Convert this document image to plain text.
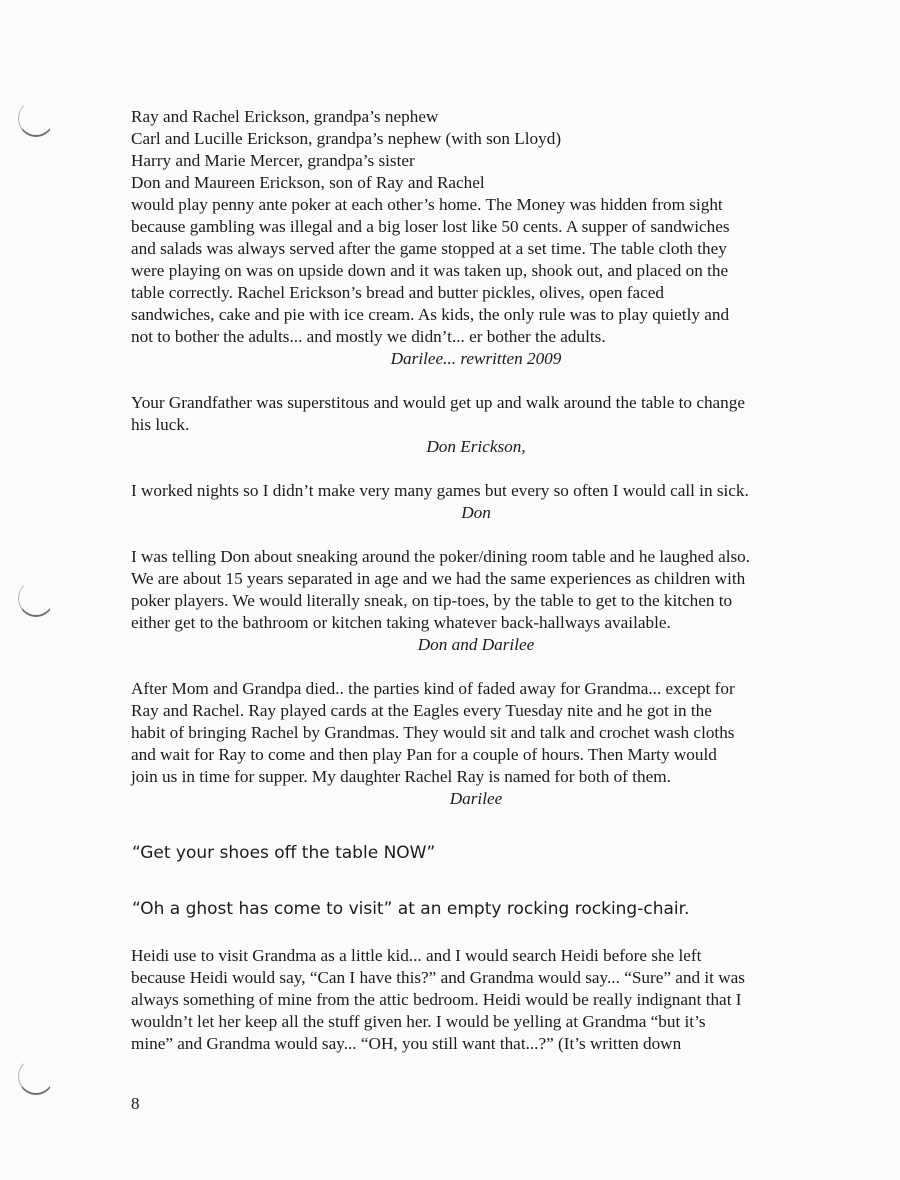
Ray and Rachel Erickson, grandpa’s nephew
Carl and Lucille Erickson, grandpa’s nephew (with son Lloyd)
Harry and Marie Mercer, grandpa’s sister
Don and Maureen Erickson, son of Ray and Rachel
would play penny ante poker at each other’s home. The Money was hidden from sight
because gambling was illegal and a big loser lost like 50 cents. A supper of sandwiches
and salads was always served after the game stopped at a set time. The table cloth they
were playing on was on upside down and it was taken up, shook out, and placed on the
table correctly. Rachel Erickson’s bread and butter pickles, olives, open faced
sandwiches, cake and pie with ice cream. As kids, the only rule was to play quietly and
not to bother the adults... and mostly we didn’t... er bother the adults.
Darilee... rewritten 2009
Your Grandfather was superstitous and would get up and walk around the table to change
his luck.
Don Erickson,
I worked nights so I didn’t make very many games but every so often I would call in sick.
Don
I was telling Don about sneaking around the poker/dining room table and he laughed also.
We are about 15 years separated in age and we had the same experiences as children with
poker players. We would literally sneak, on tip-toes, by the table to get to the kitchen to
either get to the bathroom or kitchen taking whatever back-hallways available.
Don and Darilee
After Mom and Grandpa died.. the parties kind of faded away for Grandma... except for
Ray and Rachel. Ray played cards at the Eagles every Tuesday nite and he got in the
habit of bringing Rachel by Grandmas. They would sit and talk and crochet wash cloths
and wait for Ray to come and then play Pan for a couple of hours. Then Marty would
join us in time for supper. My daughter Rachel Ray is named for both of them.
Darilee
“Get your shoes off the table NOW”
“Oh a ghost has come to visit” at an empty rocking rocking-chair.
Heidi use to visit Grandma as a little kid... and I would search Heidi before she left
because Heidi would say, “Can I have this?” and Grandma would say... “Sure” and it was
always something of mine from the attic bedroom. Heidi would be really indignant that I
wouldn’t let her keep all the stuff given her. I would be yelling at Grandma “but it’s
mine” and Grandma would say... “OH, you still want that...?” (It’s written down
8
